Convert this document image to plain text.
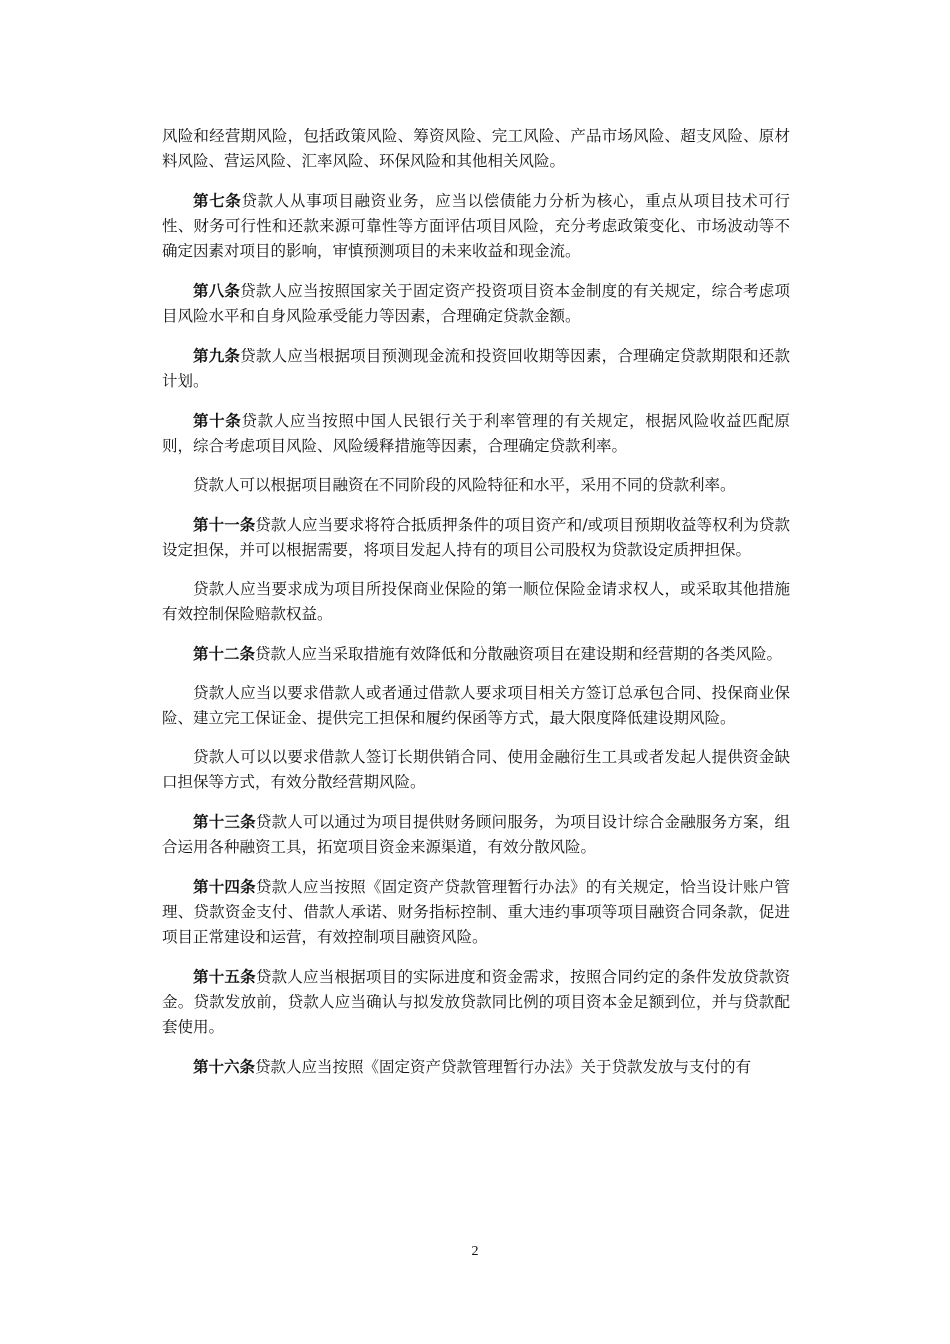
风险和经营期风险，包括政策风险、筹资风险、完工风险、产品市场风险、超支风险、原材料风险、营运风险、汇率风险、环保风险和其他相关风险。

第七条贷款人从事项目融资业务，应当以偿债能力分析为核心，重点从项目技术可行性、财务可行性和还款来源可靠性等方面评估项目风险，充分考虑政策变化、市场波动等不确定因素对项目的影响，审慎预测项目的未来收益和现金流。

第八条贷款人应当按照国家关于固定资产投资项目资本金制度的有关规定，综合考虑项目风险水平和自身风险承受能力等因素，合理确定贷款金额。

第九条贷款人应当根据项目预测现金流和投资回收期等因素，合理确定贷款期限和还款计划。

第十条贷款人应当按照中国人民银行关于利率管理的有关规定，根据风险收益匹配原则，综合考虑项目风险、风险缓释措施等因素，合理确定贷款利率。

贷款人可以根据项目融资在不同阶段的风险特征和水平，采用不同的贷款利率。

第十一条贷款人应当要求将符合抵质押条件的项目资产和/或项目预期收益等权利为贷款设定担保，并可以根据需要，将项目发起人持有的项目公司股权为贷款设定质押担保。

贷款人应当要求成为项目所投保商业保险的第一顺位保险金请求权人，或采取其他措施有效控制保险赔款权益。

第十二条贷款人应当采取措施有效降低和分散融资项目在建设期和经营期的各类风险。

贷款人应当以要求借款人或者通过借款人要求项目相关方签订总承包合同、投保商业保险、建立完工保证金、提供完工担保和履约保函等方式，最大限度降低建设期风险。

贷款人可以以要求借款人签订长期供销合同、使用金融衍生工具或者发起人提供资金缺口担保等方式，有效分散经营期风险。

第十三条贷款人可以通过为项目提供财务顾问服务，为项目设计综合金融服务方案，组合运用各种融资工具，拓宽项目资金来源渠道，有效分散风险。

第十四条贷款人应当按照《固定资产贷款管理暂行办法》的有关规定，恰当设计账户管理、贷款资金支付、借款人承诺、财务指标控制、重大违约事项等项目融资合同条款，促进项目正常建设和运营，有效控制项目融资风险。

第十五条贷款人应当根据项目的实际进度和资金需求，按照合同约定的条件发放贷款资金。贷款发放前，贷款人应当确认与拟发放贷款同比例的项目资本金足额到位，并与贷款配套使用。

第十六条贷款人应当按照《固定资产贷款管理暂行办法》关于贷款发放与支付的有

2
